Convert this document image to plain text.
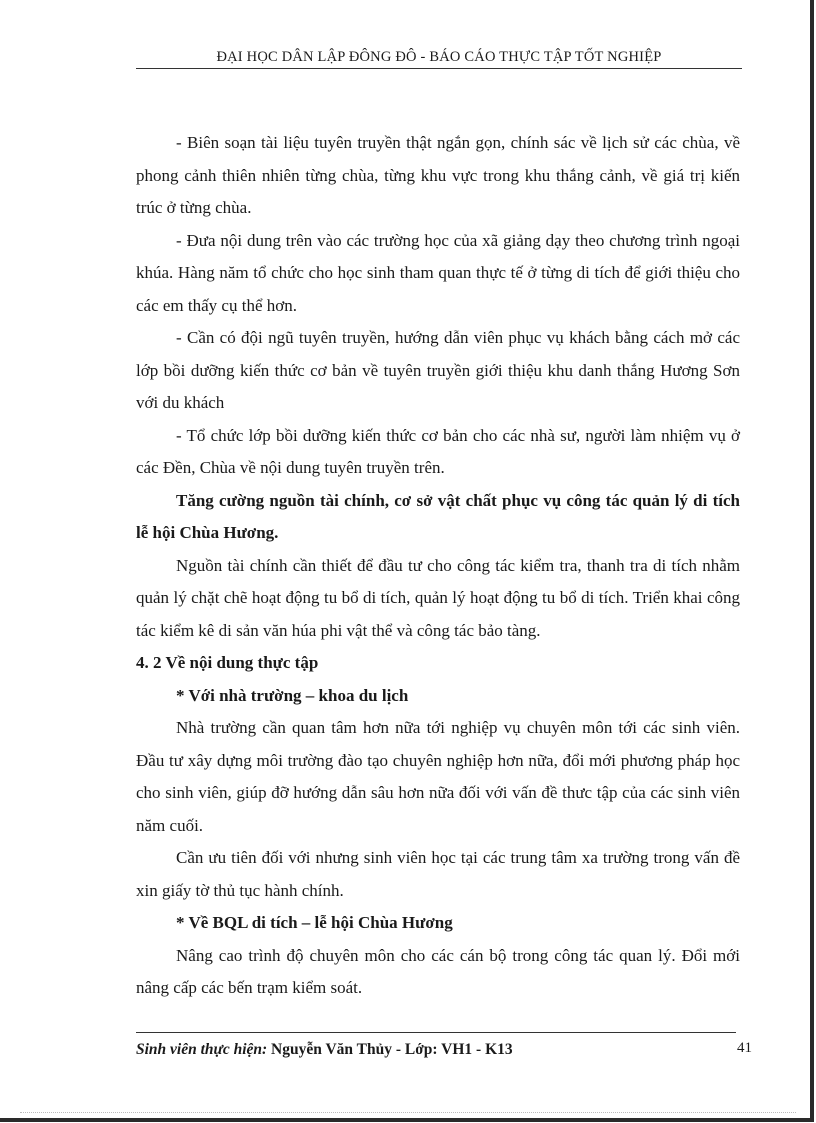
ĐẠI HỌC DÂN LẬP ĐÔNG ĐÔ - BÁO CÁO THỰC TẬP TỐT NGHIỆP

- Biên soạn tài liệu tuyên truyền thật ngắn gọn, chính sác về lịch sử các chùa, về phong cảnh thiên nhiên từng chùa, từng khu vực trong khu thắng cảnh, về giá trị kiến trúc ở từng chùa.

- Đưa nội dung trên vào các trường học của xã giảng dạy theo chương trình ngoại khúa. Hàng năm tổ chức cho học sinh tham quan thực tế ở từng di tích để giới thiệu cho các em thấy cụ thể hơn.

- Cần có đội ngũ tuyên truyền, hướng dẫn viên phục vụ khách bằng cách mở các lớp bồi dưỡng kiến thức cơ bản về tuyên truyền giới thiệu khu danh thắng Hương Sơn với du khách

- Tổ chức lớp bồi dưỡng kiến thức cơ bản cho các nhà sư, người làm nhiệm vụ ở các Đền, Chùa về nội dung tuyên truyền trên.

Tăng cường nguồn tài chính, cơ sở vật chất phục vụ công tác quản lý di tích lễ hội Chùa Hương.

Nguồn tài chính cần thiết để đầu tư cho công tác kiểm tra, thanh tra di tích nhằm quản lý chặt chẽ hoạt động tu bổ di tích, quản lý hoạt động tu bổ di tích. Triển khai công tác kiểm kê di sản văn húa phi vật thể và công tác bảo tàng.

4. 2 Về nội dung thực tập

* Với nhà trường – khoa du lịch

Nhà trường cần quan tâm hơn nữa tới nghiệp vụ chuyên môn tới các sinh viên. Đầu tư xây dựng môi trường đào tạo chuyên nghiệp hơn nữa, đổi mới phương pháp học cho sinh viên, giúp đỡ hướng dẫn sâu hơn nữa đối với vấn đề thưc tập của các sinh viên năm cuối.

Cần ưu tiên đối với nhưng sinh viên học tại các trung tâm xa trường trong vấn đề xin giấy tờ thủ tục hành chính.

* Về BQL di tích – lễ hội Chùa Hương

Nâng cao trình độ chuyên môn cho các cán bộ trong công tác quan lý. Đổi mới nâng cấp các bến trạm kiểm soát.

Sinh viên thực hiện: Nguyễn Văn Thủy - Lớp: VH1 - K13	41
